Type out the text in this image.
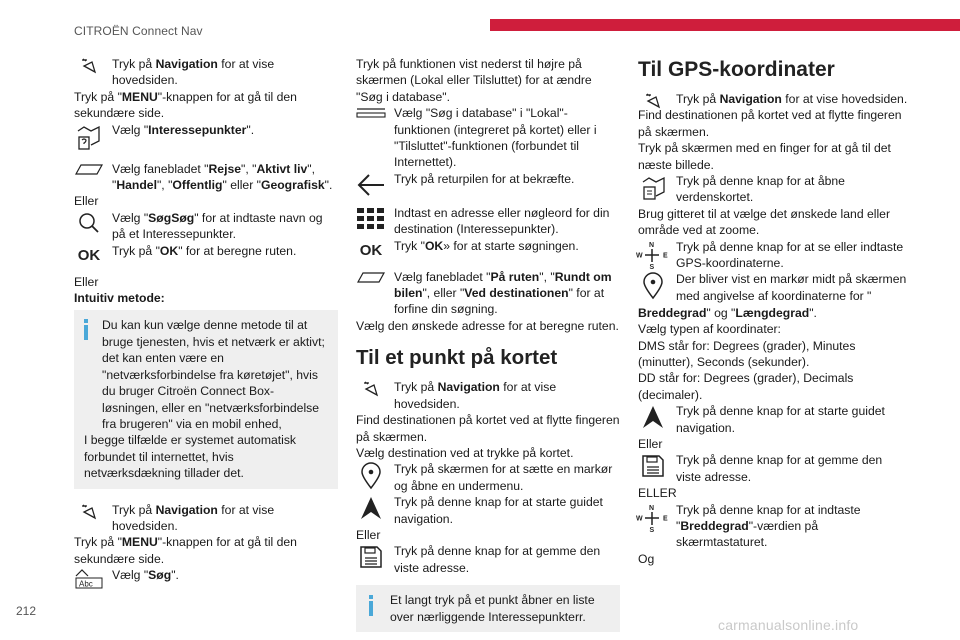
CITROËN Connect Nav
Tryk på Navigation for at vise hovedsiden.
Tryk på "MENU"-knappen for at gå til den sekundære side.
Vælg "Interessepunkter".
Vælg fanebladet "Rejse", "Aktivt liv", "Handel", "Offentlig" eller "Geografisk".
Eller
Vælg "SøgSøg" for at indtaste navn og på et Interessepunkter.
OK Tryk på "OK" for at beregne ruten.
Eller
Intuitiv metode:
Du kan kun vælge denne metode til at bruge tjenesten, hvis et netværk er aktivt; det kan enten være en "netværksforbindelse fra køretøjet", hvis du bruger Citroën Connect Box-løsningen, eller en "netværksforbindelse fra brugeren" via en mobil enhed,
I begge tilfælde er systemet automatisk forbundet til internettet, hvis netværksdækning tillader det.
Tryk på Navigation for at vise hovedsiden.
Tryk på "MENU"-knappen for at gå til den sekundære side.
Abc
Vælg "Søg".
Tryk på funktionen vist nederst til højre på skærmen (Lokal eller Tilsluttet) for at ændre "Søg i database".
Vælg "Søg i database" i "Lokal"-funktionen (integreret på kortet) eller i "Tilsluttet"-funktionen (forbundet til Internettet).
Tryk på returpilen for at bekræfte.
Indtast en adresse eller nøgleord for din destination (Interessepunkter).
OK Tryk "OK» for at starte søgningen.
Vælg fanebladet "På ruten", "Rundt om bilen", eller "Ved destinationen" for at forfine din søgning.
Vælg den ønskede adresse for at beregne ruten.
Til et punkt på kortet
Tryk på Navigation for at vise hovedsiden.
Find destinationen på kortet ved at flytte fingeren på skærmen.
Vælg destination ved at trykke på kortet.
Tryk på skærmen for at sætte en markør og åbne en undermenu.
Tryk på denne knap for at starte guidet navigation.
Eller
Tryk på denne knap for at gemme den viste adresse.
Et langt tryk på et punkt åbner en liste over nærliggende Interessepunkterr.
Til GPS-koordinater
Tryk på Navigation for at vise hovedsiden.
Find destinationen på kortet ved at flytte fingeren på skærmen.
Tryk på skærmen med en finger for at gå til det næste billede.
Tryk på denne knap for at åbne verdenskortet.
Brug gitteret til at vælge det ønskede land eller område ved at zoome.
N
W	E
S
Tryk på denne knap for at se eller indtaste GPS-koordinaterne.
Der bliver vist en markør midt på skærmen med angivelse af koordinaterne for "
Breddegrad" og "Længdegrad".
Vælg typen af koordinater:
DMS står for: Degrees (grader), Minutes (minutter), Seconds (sekunder).
DD står for: Degrees (grader), Decimals (decimaler).
Tryk på denne knap for at starte guidet navigation.
Eller
Tryk på denne knap for at gemme den viste adresse.
ELLER
N
W	E
S
Tryk på denne knap for at indtaste "Breddegrad"-værdien på skærmtastaturet.
Og
212
carmanualsonline.info
